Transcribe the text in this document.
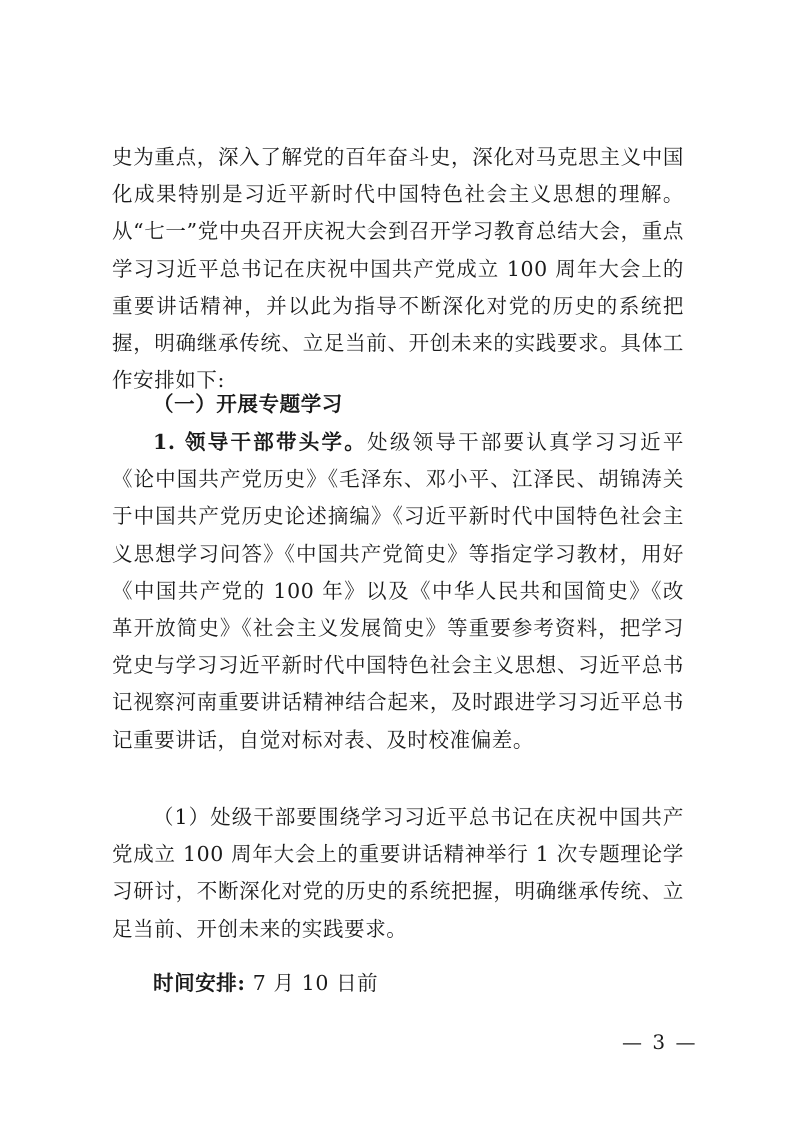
史为重点，深入了解党的百年奋斗史，深化对马克思主义中国化成果特别是习近平新时代中国特色社会主义思想的理解。从“七一”党中央召开庆祝大会到召开学习教育总结大会，重点学习习近平总书记在庆祝中国共产党成立 100 周年大会上的重要讲话精神，并以此为指导不断深化对党的历史的系统把握，明确继承传统、立足当前、开创未来的实践要求。具体工作安排如下:

（一）开展专题学习

1. 领导干部带头学。处级领导干部要认真学习习近平《论中国共产党历史》《毛泽东、邓小平、江泽民、胡锦涛关于中国共产党历史论述摘编》《习近平新时代中国特色社会主义思想学习问答》《中国共产党简史》等指定学习教材，用好《中国共产党的 100 年》以及《中华人民共和国简史》《改革开放简史》《社会主义发展简史》等重要参考资料，把学习党史与学习习近平新时代中国特色社会主义思想、习近平总书记视察河南重要讲话精神结合起来，及时跟进学习习近平总书记重要讲话，自觉对标对表、及时校准偏差。

（1）处级干部要围绕学习习近平总书记在庆祝中国共产党成立 100 周年大会上的重要讲话精神举行 1 次专题理论学习研讨，不断深化对党的历史的系统把握，明确继承传统、立足当前、开创未来的实践要求。

时间安排: 7 月 10 日前

— 3 —
